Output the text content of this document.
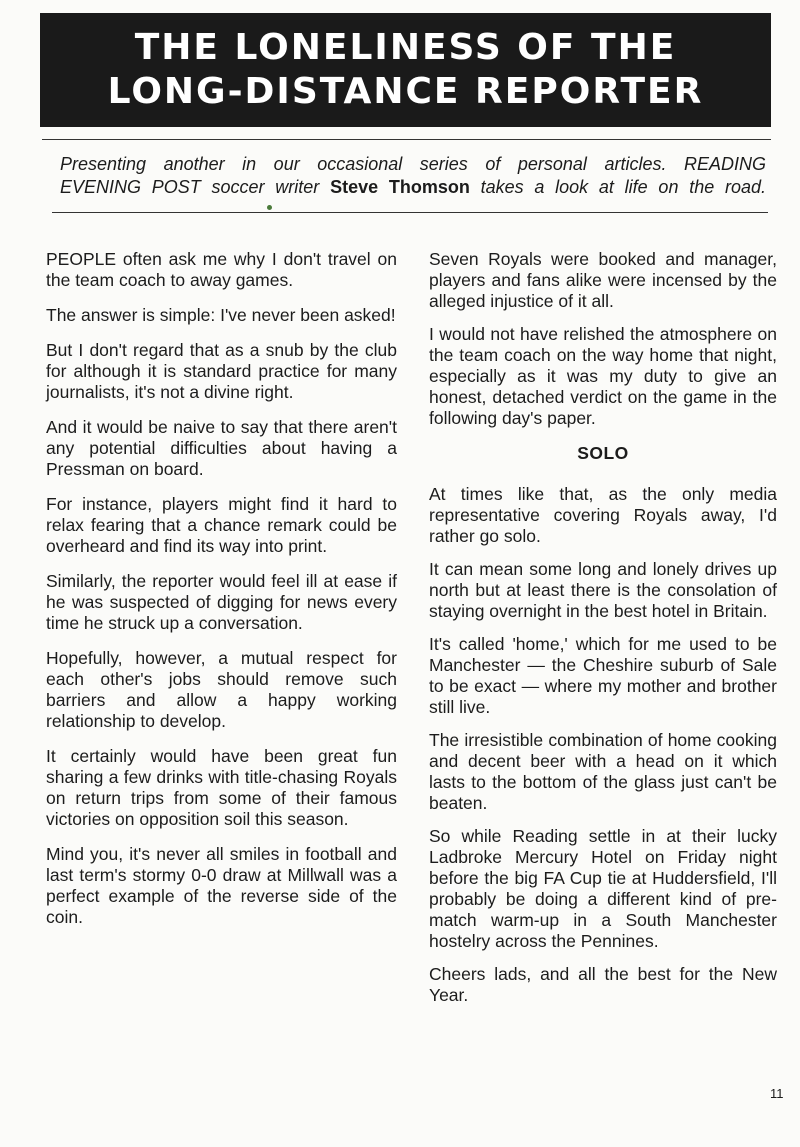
THE LONELINESS OF THE
LONG-DISTANCE REPORTER
Presenting another in our occasional series of personal articles. READING
EVENING POST soccer writer Steve Thomson takes a look at life on the road.

PEOPLE often ask me why I don't travel on the team coach to away games.

The answer is simple: I've never been asked!

But I don't regard that as a snub by the club for although it is standard practice for many journalists, it's not a divine right.

And it would be naive to say that there aren't any potential difficulties about having a Pressman on board.

For instance, players might find it hard to relax fearing that a chance remark could be overheard and find its way into print.

Similarly, the reporter would feel ill at ease if he was suspected of digging for news every time he struck up a conversation.

Hopefully, however, a mutual respect for each other's jobs should remove such barriers and allow a happy working relationship to develop.

It certainly would have been great fun sharing a few drinks with title-chasing Royals on return trips from some of their famous victories on opposition soil this season.

Mind you, it's never all smiles in football and last term's stormy 0-0 draw at Millwall was a perfect example of the reverse side of the coin.

Seven Royals were booked and manager, players and fans alike were incensed by the alleged injustice of it all.

I would not have relished the atmosphere on the team coach on the way home that night, especially as it was my duty to give an honest, detached verdict on the game in the following day's paper.

SOLO

At times like that, as the only media representative covering Royals away, I'd rather go solo.

It can mean some long and lonely drives up north but at least there is the consolation of staying overnight in the best hotel in Britain.

It's called 'home,' which for me used to be Manchester — the Cheshire suburb of Sale to be exact — where my mother and brother still live.

The irresistible combination of home cooking and decent beer with a head on it which lasts to the bottom of the glass just can't be beaten.

So while Reading settle in at their lucky Ladbroke Mercury Hotel on Friday night before the big FA Cup tie at Huddersfield, I'll probably be doing a different kind of pre-match warm-up in a South Manchester hostelry across the Pennines.

Cheers lads, and all the best for the New Year.

11
